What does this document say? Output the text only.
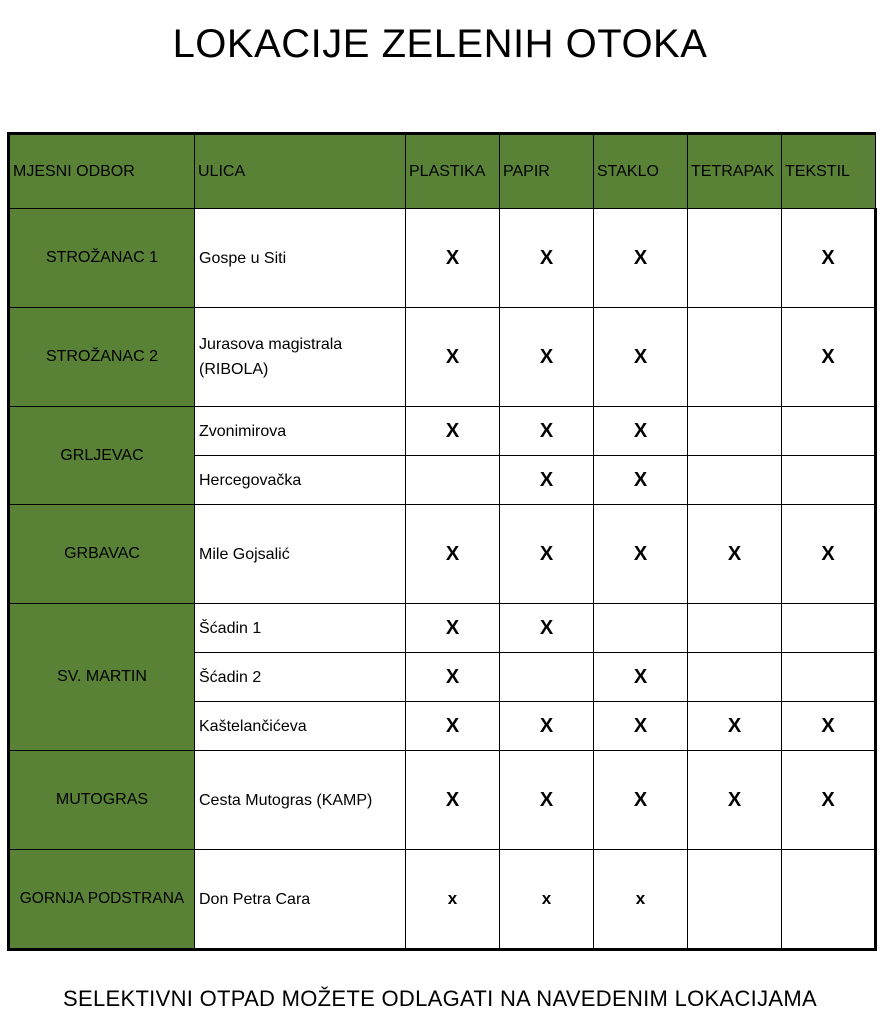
LOKACIJE ZELENIH OTOKA
MJESNI ODBOR	ULICA	PLASTIKA	PAPIR	STAKLO	TETRAPAK	TEKSTIL
STROŽANAC 1	Gospe u Siti	X	X	X		X
STROŽANAC 2	Jurasova magistrala (RIBOLA)	X	X	X		X
GRLJEVAC	Zvonimirova	X	X	X		
	Hercegovačka		X	X		
GRBAVAC	Mile Gojsalić	X	X	X	X	X
SV. MARTIN	Šćadin 1	X	X			
	Šćadin 2	X		X		
	Kaštelančićeva	X	X	X	X	X
MUTOGRAS	Cesta Mutogras (KAMP)	X	X	X	X	X
GORNJA PODSTRANA	Don Petra Cara	x	x	x		
SELEKTIVNI OTPAD MOŽETE ODLAGATI NA NAVEDENIM LOKACIJAMA
